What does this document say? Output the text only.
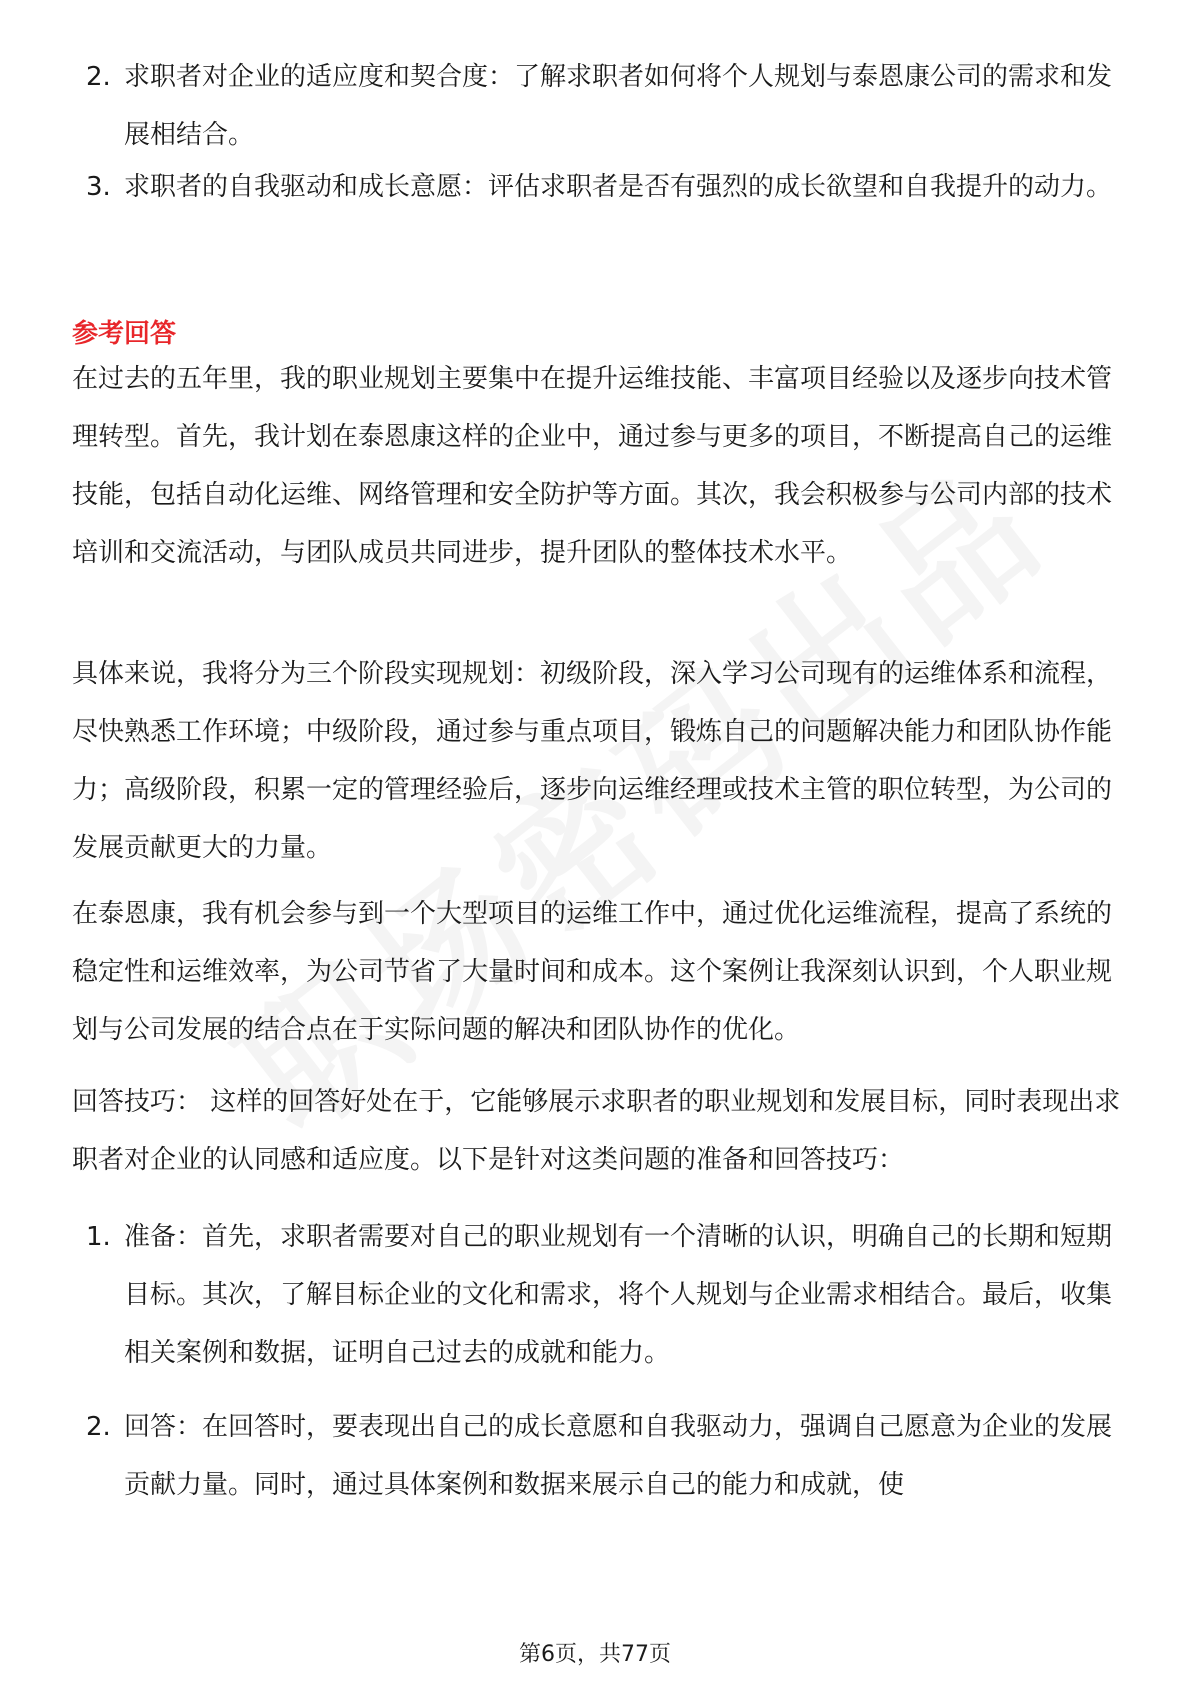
2. 求职者对企业的适应度和契合度：了解求职者如何将个人规划与泰恩康公司的需求和发展相结合。
3. 求职者的自我驱动和成长意愿：评估求职者是否有强烈的成长欲望和自我提升的动力。
参考回答

在过去的五年里，我的职业规划主要集中在提升运维技能、丰富项目经验以及逐步向技术管理转型。首先，我计划在泰恩康这样的企业中，通过参与更多的项目，不断提高自己的运维技能，包括自动化运维、网络管理和安全防护等方面。其次，我会积极参与公司内部的技术培训和交流活动，与团队成员共同进步，提升团队的整体技术水平。

具体来说，我将分为三个阶段实现规划：初级阶段，深入学习公司现有的运维体系和流程，尽快熟悉工作环境；中级阶段，通过参与重点项目，锻炼自己的问题解决能力和团队协作能力；高级阶段，积累一定的管理经验后，逐步向运维经理或技术主管的职位转型，为公司的发展贡献更大的力量。

在泰恩康，我有机会参与到一个大型项目的运维工作中，通过优化运维流程，提高了系统的稳定性和运维效率，为公司节省了大量时间和成本。这个案例让我深刻认识到，个人职业规划与公司发展的结合点在于实际问题的解决和团队协作的优化。

回答技巧： 这样的回答好处在于，它能够展示求职者的职业规划和发展目标，同时表现出求职者对企业的认同感和适应度。以下是针对这类问题的准备和回答技巧：

1. 准备：首先，求职者需要对自己的职业规划有一个清晰的认识，明确自己的长期和短期目标。其次，了解目标企业的文化和需求，将个人规划与企业需求相结合。最后，收集相关案例和数据，证明自己过去的成就和能力。
2. 回答：在回答时，要表现出自己的成长意愿和自我驱动力，强调自己愿意为企业的发展贡献力量。同时，通过具体案例和数据来展示自己的能力和成就，使
第6页，共77页
